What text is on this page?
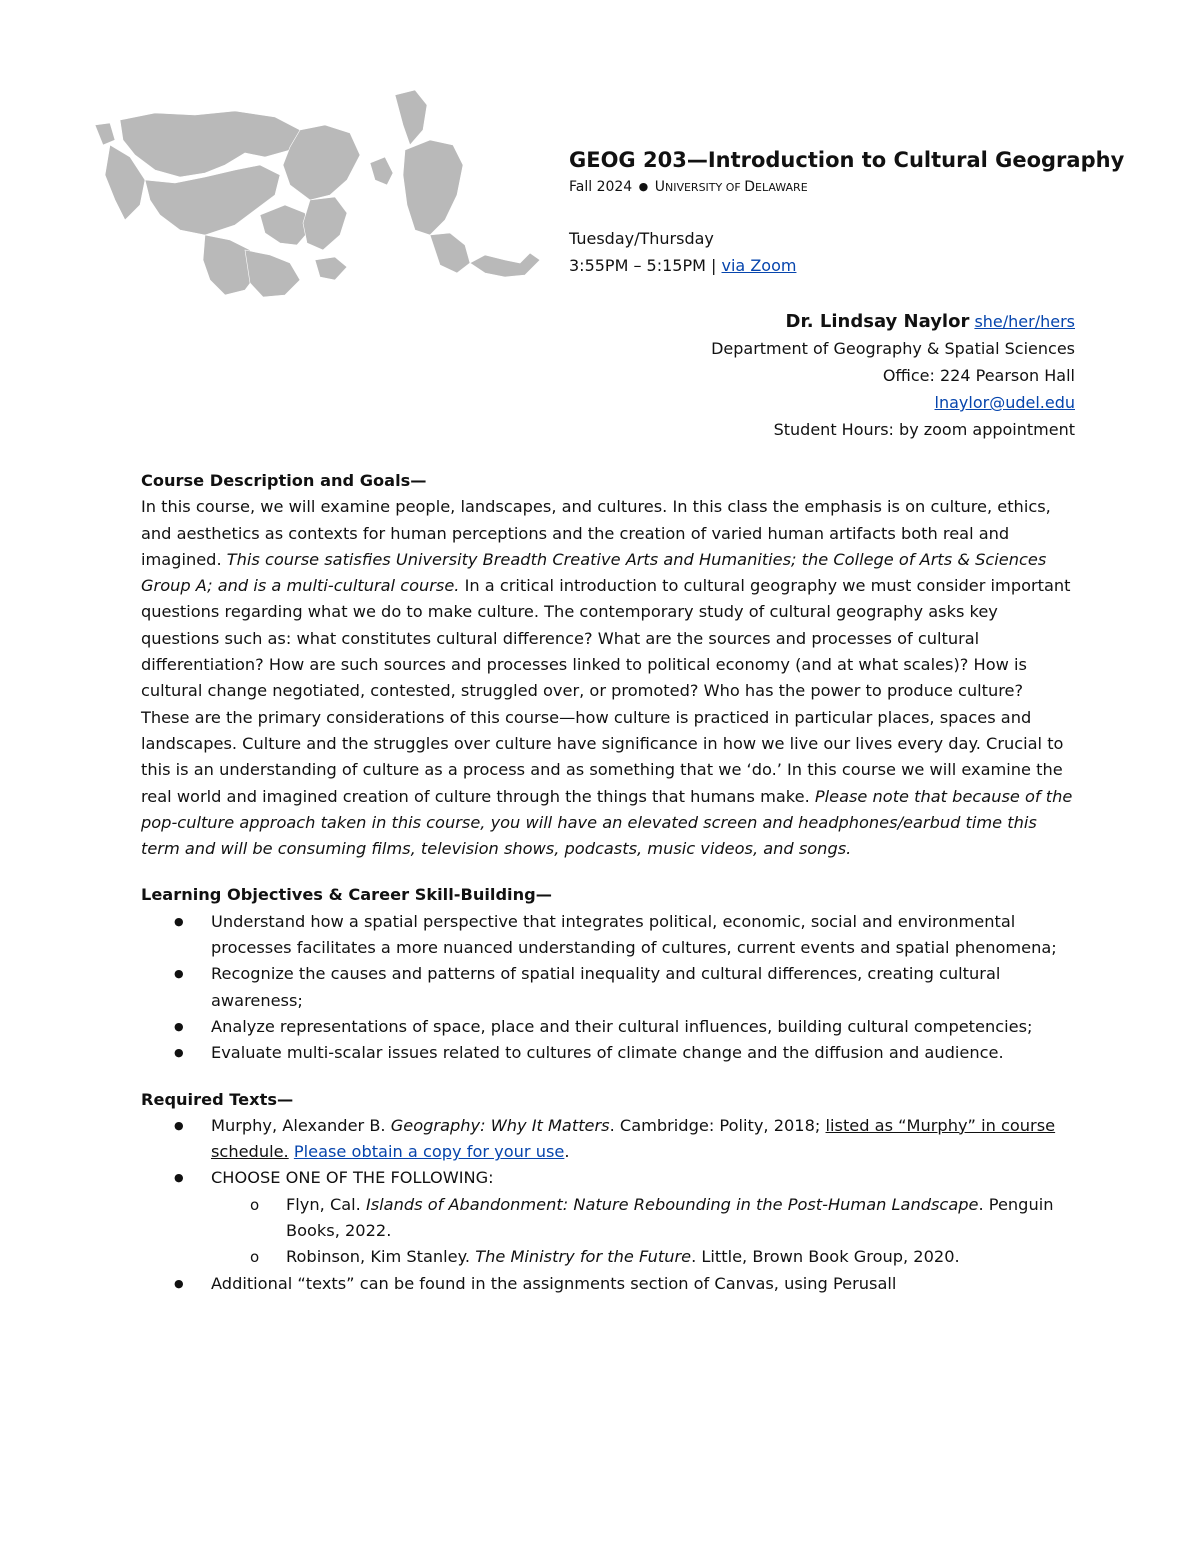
GEOG 203—Introduction to Cultural Geography
Fall 2024 ● UNIVERSITY OF DELAWARE
Tuesday/Thursday
3:55PM – 5:15PM | via Zoom
Dr. Lindsay Naylor she/her/hers
Department of Geography & Spatial Sciences
Office: 224 Pearson Hall
lnaylor@udel.edu
Student Hours: by zoom appointment
Course Description and Goals—

In this course, we will examine people, landscapes, and cultures. In this class the emphasis is on culture, ethics, and aesthetics as contexts for human perceptions and the creation of varied human artifacts both real and imagined. This course satisfies University Breadth Creative Arts and Humanities; the College of Arts & Sciences Group A; and is a multi-cultural course. In a critical introduction to cultural geography we must consider important questions regarding what we do to make culture. The contemporary study of cultural geography asks key questions such as: what constitutes cultural difference? What are the sources and processes of cultural differentiation? How are such sources and processes linked to political economy (and at what scales)? How is cultural change negotiated, contested, struggled over, or promoted? Who has the power to produce culture? These are the primary considerations of this course—how culture is practiced in particular places, spaces and landscapes. Culture and the struggles over culture have significance in how we live our lives every day. Crucial to this is an understanding of culture as a process and as something that we ‘do.’ In this course we will examine the real world and imagined creation of culture through the things that humans make. Please note that because of the pop-culture approach taken in this course, you will have an elevated screen and headphones/earbud time this term and will be consuming films, television shows, podcasts, music videos, and songs.

Learning Objectives & Career Skill-Building—
● Understand how a spatial perspective that integrates political, economic, social and environmental processes facilitates a more nuanced understanding of cultures, current events and spatial phenomena;
● Recognize the causes and patterns of spatial inequality and cultural differences, creating cultural awareness;
● Analyze representations of space, place and their cultural influences, building cultural competencies;
● Evaluate multi-scalar issues related to cultures of climate change and the diffusion and audience.
Required Texts—
● Murphy, Alexander B. Geography: Why It Matters. Cambridge: Polity, 2018; listed as “Murphy” in course schedule. Please obtain a copy for your use.
● CHOOSE ONE OF THE FOLLOWING:
o Flyn, Cal. Islands of Abandonment: Nature Rebounding in the Post-Human Landscape. Penguin Books, 2022.
o Robinson, Kim Stanley. The Ministry for the Future. Little, Brown Book Group, 2020.
● Additional “texts” can be found in the assignments section of Canvas, using Perusall
